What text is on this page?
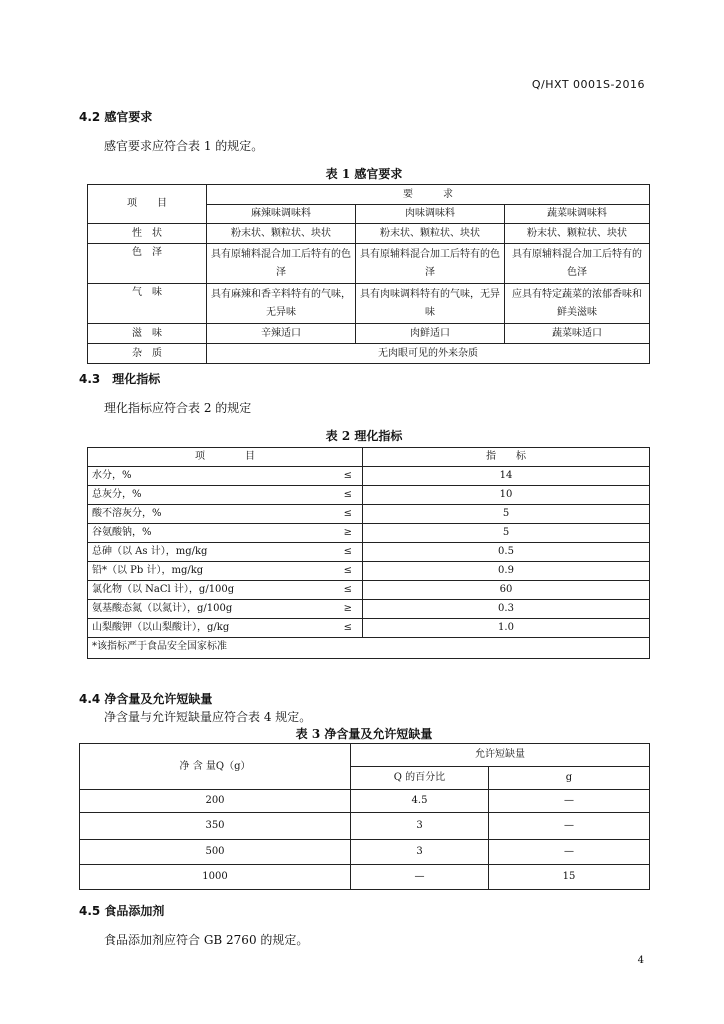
Q/HXT 0001S-2016
4.2 感官要求
感官要求应符合表 1 的规定。
表 1 感官要求
项　　目	要　　　求		
	麻辣味调味料	肉味调味料	蔬菜味调味料
性　状	粉末状、颗粒状、块状	粉末状、颗粒状、块状	粉末状、颗粒状、块状
色　泽	具有原辅料混合加工后特有的色泽	具有原辅料混合加工后特有的色泽	具有原辅料混合加工后特有的色泽
气　味	具有麻辣和香辛料特有的气味，无异味	具有肉味调料特有的气味，无异味	应具有特定蔬菜的浓郁香味和鲜美滋味
滋　味	辛辣适口	肉鲜适口	蔬菜味适口
杂　质	无肉眼可见的外来杂质		
4.3　理化指标
理化指标应符合表 2 的规定
表 2 理化指标
项　　　　目	指　　标
水分，% ≤	14
总灰分，% ≤	10
酸不溶灰分，% ≤	5
谷氨酸钠，% ≥	5
总砷（以 As 计），mg/kg ≤	0.5
铅*（以 Pb 计），mg/kg ≤	0.9
氯化物（以 NaCl 计），g/100g ≤	60
氨基酸态氮（以氮计），g/100g ≥	0.3
山梨酸钾（以山梨酸计），g/kg ≤	1.0
*该指标严于食品安全国家标准	
4.4 净含量及允许短缺量
净含量与允许短缺量应符合表 4 规定。
表 3 净含量及允许短缺量
净 含 量Q（g）	允许短缺量	
	Q 的百分比	g
200	4.5	—
350	3	—
500	3	—
1000	—	15
4.5 食品添加剂
食品添加剂应符合 GB 2760 的规定。
4
